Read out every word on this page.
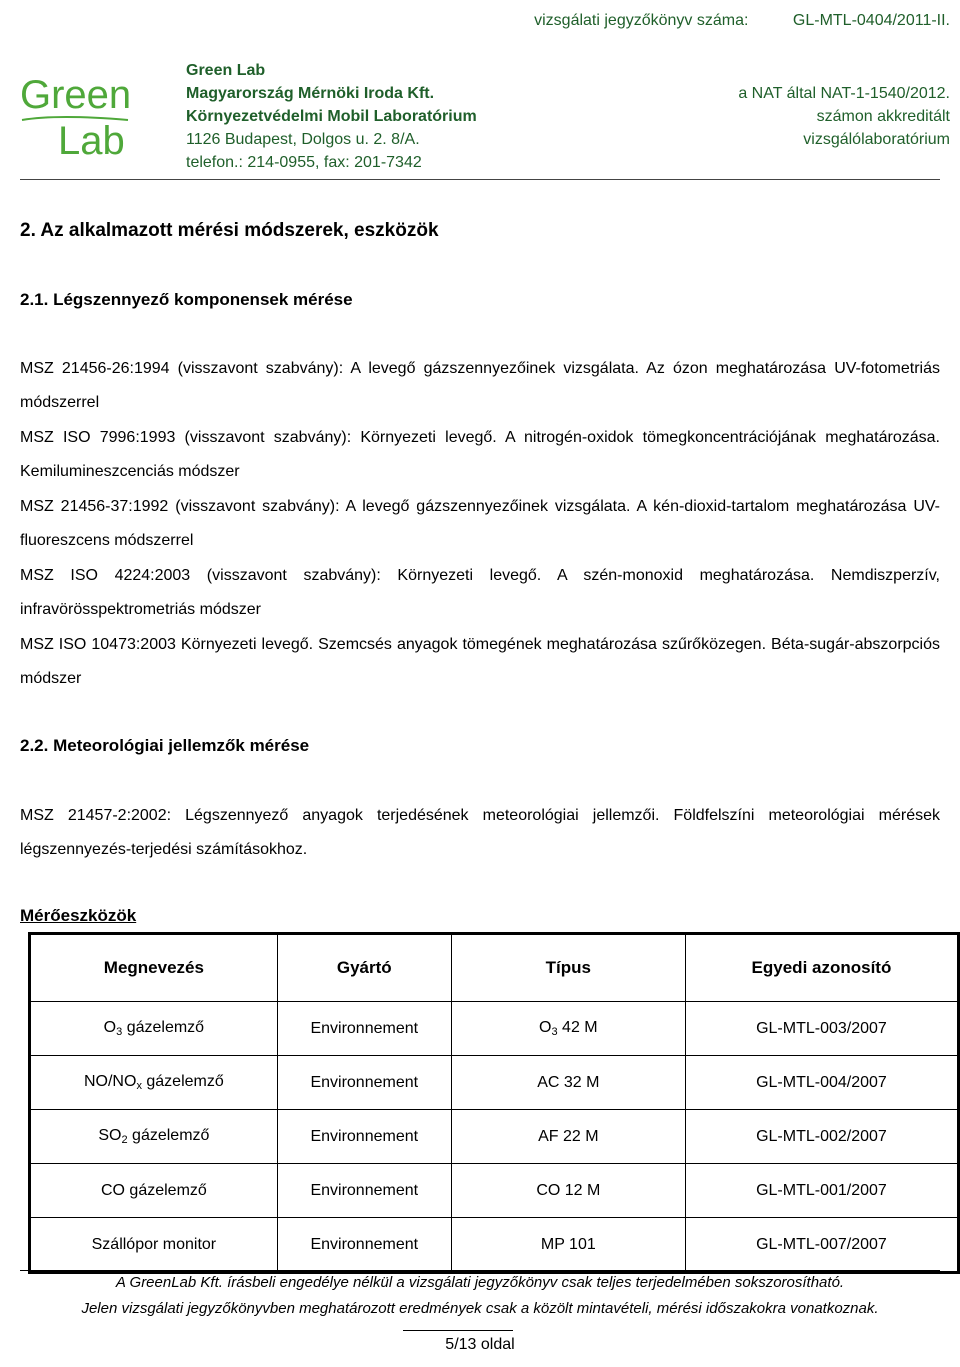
vizsgálati jegyzőkönyv száma:	GL-MTL-0404/2011-II.
Green
Lab
Green Lab
Magyarország Mérnöki Iroda Kft.
Környezetvédelmi Mobil Laboratórium
1126 Budapest, Dolgos u. 2. 8/A.
telefon.: 214-0955, fax: 201-7342
a NAT által NAT-1-1540/2012.
számon akkreditált
vizsgálólaboratórium
2. Az alkalmazott mérési módszerek, eszközök
2.1. Légszennyező komponensek mérése

MSZ 21456-26:1994 (visszavont szabvány): A levegő gázszennyezőinek vizsgálata. Az ózon meghatározása UV-fotometriás módszerrel

MSZ ISO 7996:1993 (visszavont szabvány): Környezeti levegő. A nitrogén-oxidok tömegkoncentrációjának meghatározása. Kemilumineszcenciás módszer

MSZ 21456-37:1992 (visszavont szabvány): A levegő gázszennyezőinek vizsgálata. A kén-dioxid-tartalom meghatározása UV-fluoreszcens módszerrel

MSZ ISO 4224:2003 (visszavont szabvány): Környezeti levegő. A szén-monoxid meghatározása. Nemdiszperzív, infravörösspektrometriás módszer

MSZ ISO 10473:2003 Környezeti levegő. Szemcsés anyagok tömegének meghatározása szűrőközegen. Béta-sugár-abszorpciós módszer

2.2. Meteorológiai jellemzők mérése

MSZ 21457-2:2002: Légszennyező anyagok terjedésének meteorológiai jellemzői. Földfelszíni meteorológiai mérések légszennyezés-terjedési számításokhoz.

Mérőeszközök
Megnevezés	Gyártó	Típus	Egyedi azonosító
$O_3$ gázelemző	Environnement	$O_3$ 42 M	GL-MTL-003/2007
$NO/NO_x$ gázelemző	Environnement	AC 32 M	GL-MTL-004/2007
$SO_2$ gázelemző	Environnement	AF 22 M	GL-MTL-002/2007
CO gázelemző	Environnement	CO 12 M	GL-MTL-001/2007
Szállópor monitor	Environnement	MP 101	GL-MTL-007/2007
A GreenLab Kft. írásbeli engedélye nélkül a vizsgálati jegyzőkönyv csak teljes terjedelmében sokszorosítható.
Jelen vizsgálati jegyzőkönyvben meghatározott eredmények csak a közölt mintavételi, mérési időszakokra vonatkoznak.
5/13 oldal
